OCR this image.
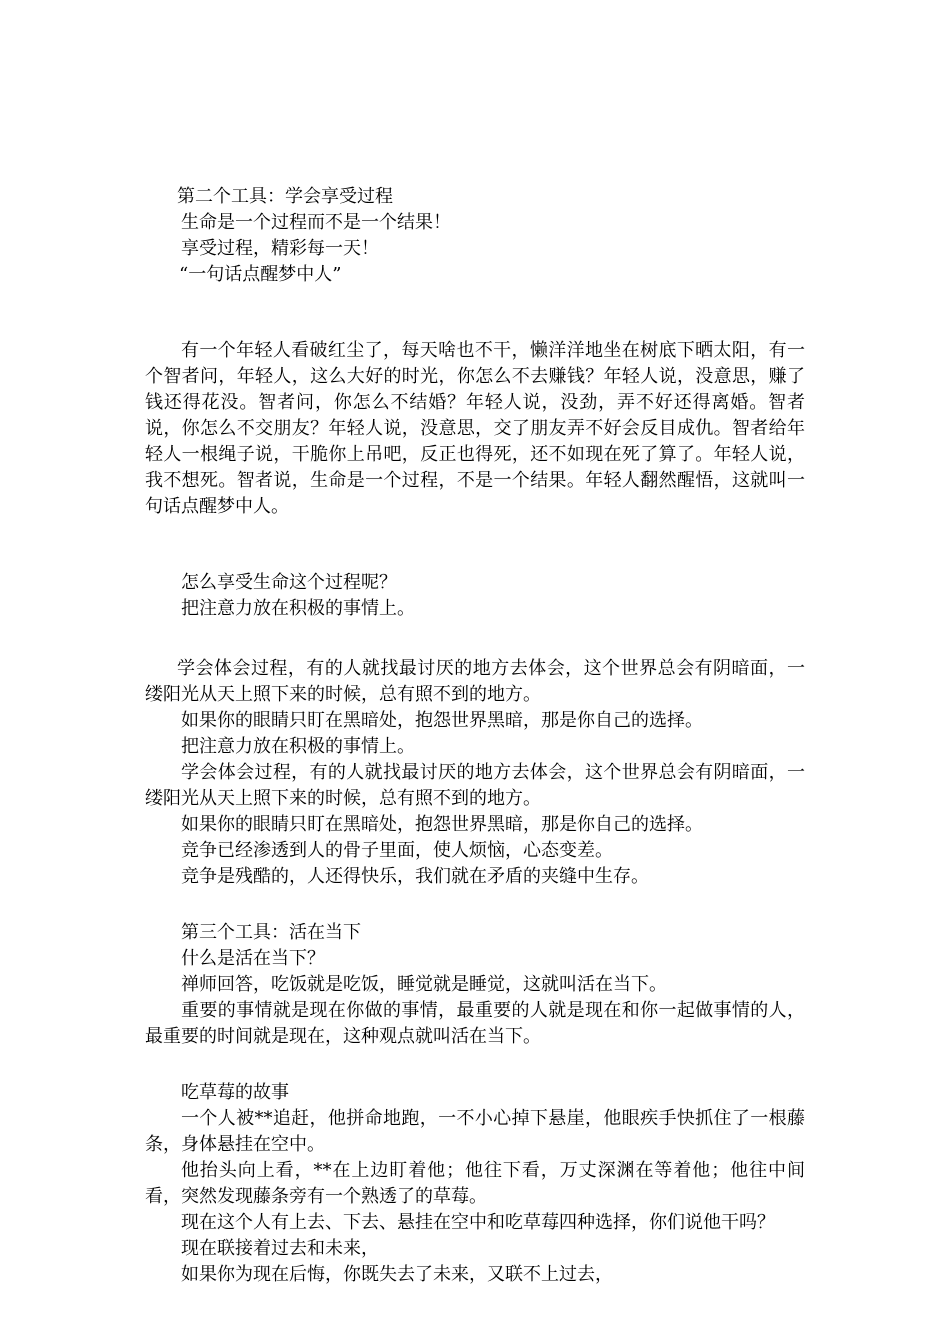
第二个工具：学会享受过程
生命是一个过程而不是一个结果！
享受过程，精彩每一天！
“一句话点醒梦中人”

有一个年轻人看破红尘了，每天啥也不干，懒洋洋地坐在树底下晒太阳，有一个智者问，年轻人，这么大好的时光，你怎么不去赚钱？年轻人说，没意思，赚了钱还得花没。智者问，你怎么不结婚？年轻人说，没劲，弄不好还得离婚。智者说，你怎么不交朋友？年轻人说，没意思，交了朋友弄不好会反目成仇。智者给年轻人一根绳子说，干脆你上吊吧，反正也得死，还不如现在死了算了。年轻人说，我不想死。智者说，生命是一个过程，不是一个结果。年轻人翻然醒悟，这就叫一句话点醒梦中人。

怎么享受生命这个过程呢？
把注意力放在积极的事情上。

学会体会过程，有的人就找最讨厌的地方去体会，这个世界总会有阴暗面，一缕阳光从天上照下来的时候，总有照不到的地方。

如果你的眼睛只盯在黑暗处，抱怨世界黑暗，那是你自己的选择。
把注意力放在积极的事情上。

学会体会过程，有的人就找最讨厌的地方去体会，这个世界总会有阴暗面，一缕阳光从天上照下来的时候，总有照不到的地方。

如果你的眼睛只盯在黑暗处，抱怨世界黑暗，那是你自己的选择。
竞争已经渗透到人的骨子里面，使人烦恼，心态变差。
竞争是残酷的，人还得快乐，我们就在矛盾的夹缝中生存。
第三个工具：活在当下
什么是活在当下？
禅师回答，吃饭就是吃饭，睡觉就是睡觉，这就叫活在当下。

重要的事情就是现在你做的事情，最重要的人就是现在和你一起做事情的人，最重要的时间就是现在，这种观点就叫活在当下。

吃草莓的故事

一个人被**追赶，他拼命地跑，一不小心掉下悬崖，他眼疾手快抓住了一根藤条，身体悬挂在空中。

他抬头向上看，**在上边盯着他；他往下看，万丈深渊在等着他；他往中间看，突然发现藤条旁有一个熟透了的草莓。

现在这个人有上去、下去、悬挂在空中和吃草莓四种选择，你们说他干吗？
现在联接着过去和未来，
如果你为现在后悔，你既失去了未来，又联不上过去，
